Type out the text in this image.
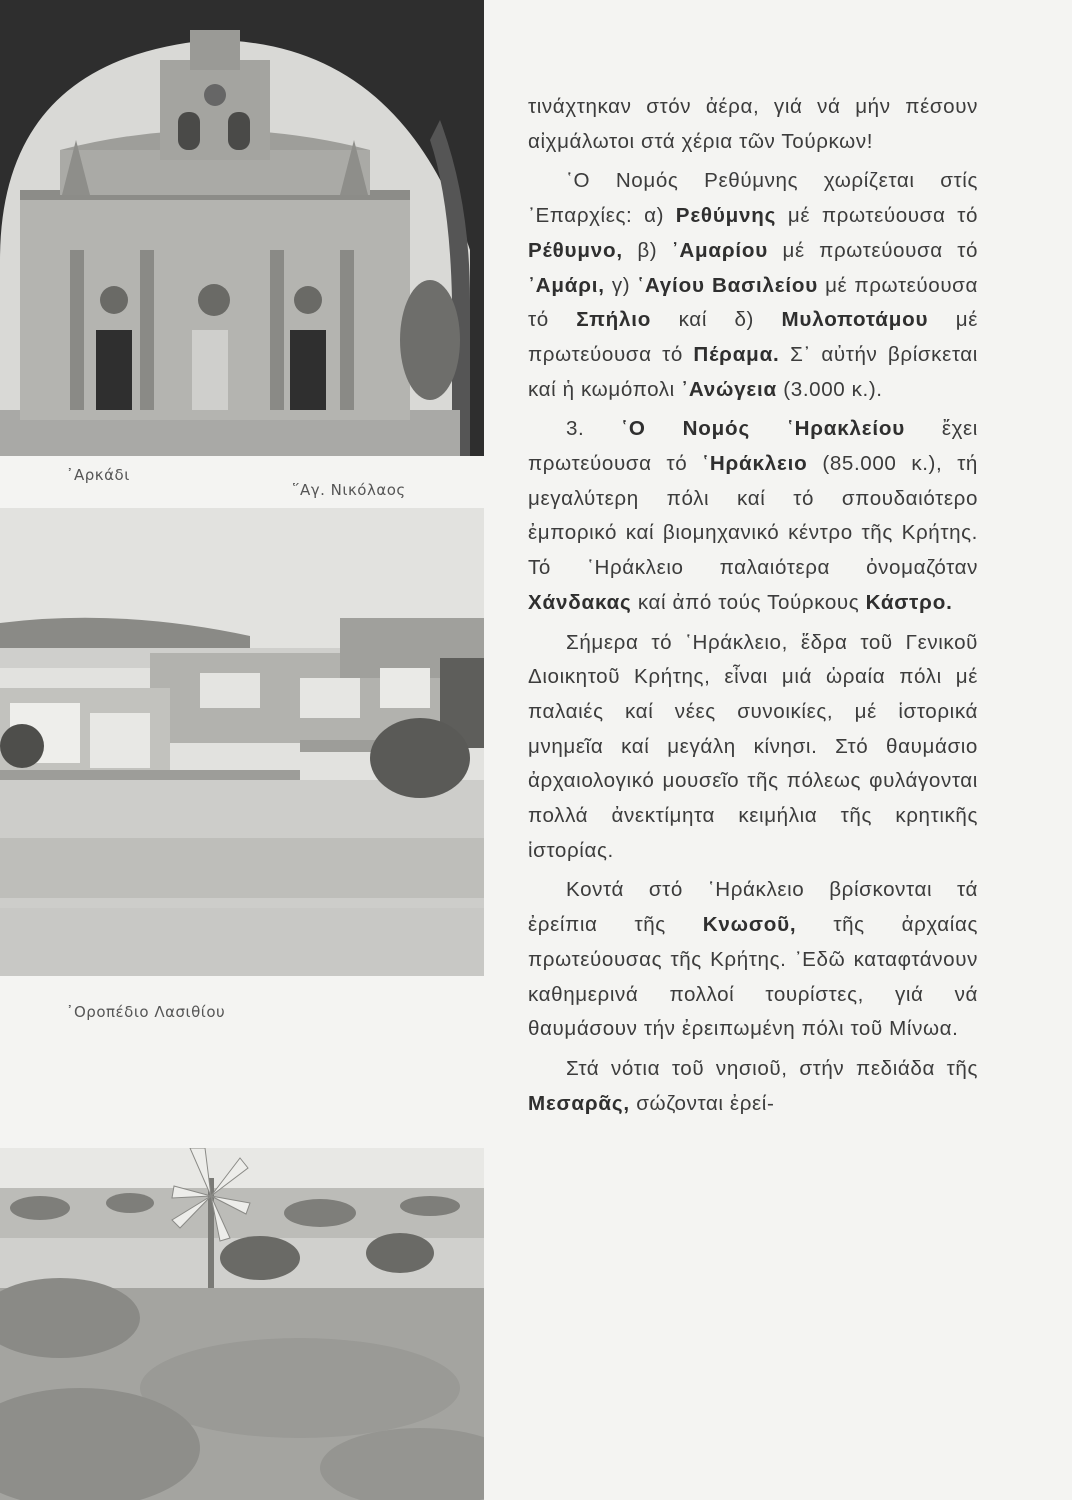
᾿Αρκάδι
῞Αγ. Νικόλαος
᾿Οροπέδιο Λασιθίου

τινάχτηκαν στόν ἀέρα, γιά νά μήν πέσουν αἰχμάλωτοι στά χέρια τῶν Τούρκων!

῾Ο Νομός Ρεθύμνης χωρίζεται στίς ᾿Επαρχίες: α) Ρεθύμνης μέ πρωτεύουσα τό Ρέθυμνο, β) ᾿Αμαρίου μέ πρωτεύουσα τό ᾿Αμάρι, γ) ῾Αγίου Βασιλείου μέ πρωτεύουσα τό Σπήλιο καί δ) Μυλοποτάμου μέ πρωτεύουσα τό Πέραμα. Σ᾿ αὐτήν βρίσκεται καί ἡ κωμόπολι ᾿Ανώγεια (3.000 κ.).

3. ῾Ο Νομός ῾Ηρακλείου ἔχει πρωτεύουσα τό ῾Ηράκλειο (85.000 κ.), τή μεγαλύτερη πόλι καί τό σπουδαιότερο ἐμπορικό καί βιομηχανικό κέντρο τῆς Κρήτης. Τό ῾Ηράκλειο παλαιότερα ὀνομαζόταν Χάνδακας καί ἀπό τούς Τούρκους Κάστρο.

Σήμερα τό ῾Ηράκλειο, ἕδρα τοῦ Γενικοῦ Διοικητοῦ Κρήτης, εἶναι μιά ὡραία πόλι μέ παλαιές καί νέες συνοικίες, μέ ἱστορικά μνημεῖα καί μεγάλη κίνησι. Στό θαυμάσιο ἀρχαιολογικό μουσεῖο τῆς πόλεως φυλάγονται πολλά ἀνεκτίμητα κειμήλια τῆς κρητικῆς ἱστορίας.

Κοντά στό ῾Ηράκλειο βρίσκονται τά ἐρείπια τῆς Κνωσοῦ, τῆς ἀρχαίας πρωτεύουσας τῆς Κρήτης. ᾿Εδῶ καταφτάνουν καθημερινά πολλοί τουρίστες, γιά νά θαυμάσουν τήν ἐρειπωμένη πόλι τοῦ Μίνωα.

Στά νότια τοῦ νησιοῦ, στήν πεδιάδα τῆς Μεσαρᾶς, σώζονται ἐρεί-
